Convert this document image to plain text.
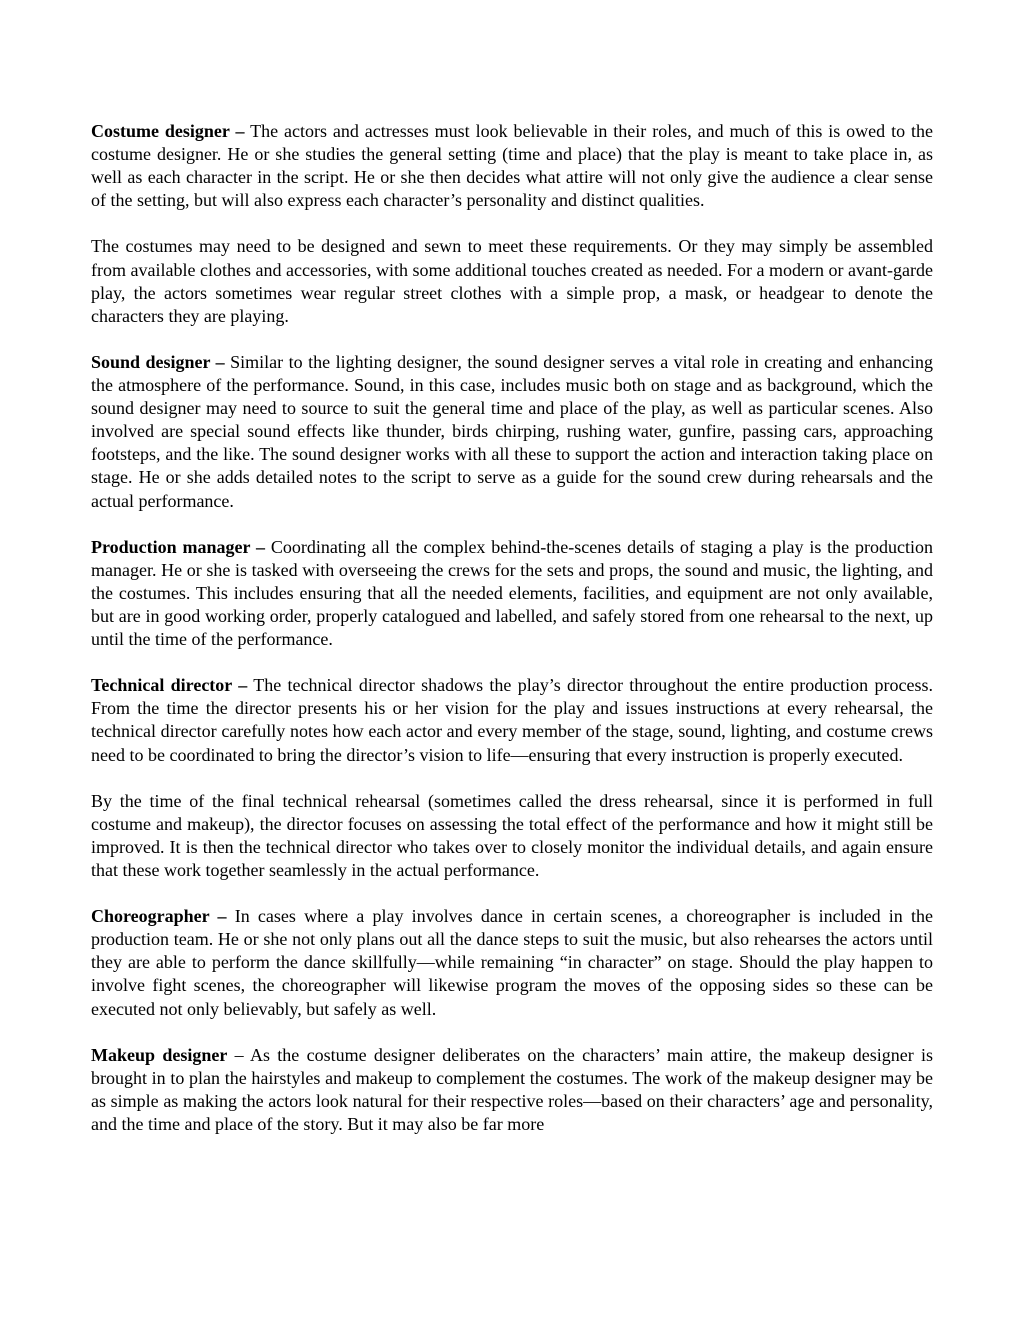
Costume designer – The actors and actresses must look believable in their roles, and much of this is owed to the costume designer. He or she studies the general setting (time and place) that the play is meant to take place in, as well as each character in the script. He or she then decides what attire will not only give the audience a clear sense of the setting, but will also express each character’s personality and distinct qualities.

The costumes may need to be designed and sewn to meet these requirements. Or they may simply be assembled from available clothes and accessories, with some additional touches created as needed. For a modern or avant-garde play, the actors sometimes wear regular street clothes with a simple prop, a mask, or headgear to denote the characters they are playing.

Sound designer – Similar to the lighting designer, the sound designer serves a vital role in creating and enhancing the atmosphere of the performance. Sound, in this case, includes music both on stage and as background, which the sound designer may need to source to suit the general time and place of the play, as well as particular scenes. Also involved are special sound effects like thunder, birds chirping, rushing water, gunfire, passing cars, approaching footsteps, and the like. The sound designer works with all these to support the action and interaction taking place on stage. He or she adds detailed notes to the script to serve as a guide for the sound crew during rehearsals and the actual performance.

Production manager – Coordinating all the complex behind-the-scenes details of staging a play is the production manager. He or she is tasked with overseeing the crews for the sets and props, the sound and music, the lighting, and the costumes. This includes ensuring that all the needed elements, facilities, and equipment are not only available, but are in good working order, properly catalogued and labelled, and safely stored from one rehearsal to the next, up until the time of the performance.

Technical director – The technical director shadows the play’s director throughout the entire production process. From the time the director presents his or her vision for the play and issues instructions at every rehearsal, the technical director carefully notes how each actor and every member of the stage, sound, lighting, and costume crews need to be coordinated to bring the director’s vision to life—ensuring that every instruction is properly executed.

By the time of the final technical rehearsal (sometimes called the dress rehearsal, since it is performed in full costume and makeup), the director focuses on assessing the total effect of the performance and how it might still be improved. It is then the technical director who takes over to closely monitor the individual details, and again ensure that these work together seamlessly in the actual performance.

Choreographer – In cases where a play involves dance in certain scenes, a choreographer is included in the production team. He or she not only plans out all the dance steps to suit the music, but also rehearses the actors until they are able to perform the dance skillfully—while remaining “in character” on stage. Should the play happen to involve fight scenes, the choreographer will likewise program the moves of the opposing sides so these can be executed not only believably, but safely as well.

Makeup designer – As the costume designer deliberates on the characters’ main attire, the makeup designer is brought in to plan the hairstyles and makeup to complement the costumes. The work of the makeup designer may be as simple as making the actors look natural for their respective roles—based on their characters’ age and personality, and the time and place of the story. But it may also be far more
